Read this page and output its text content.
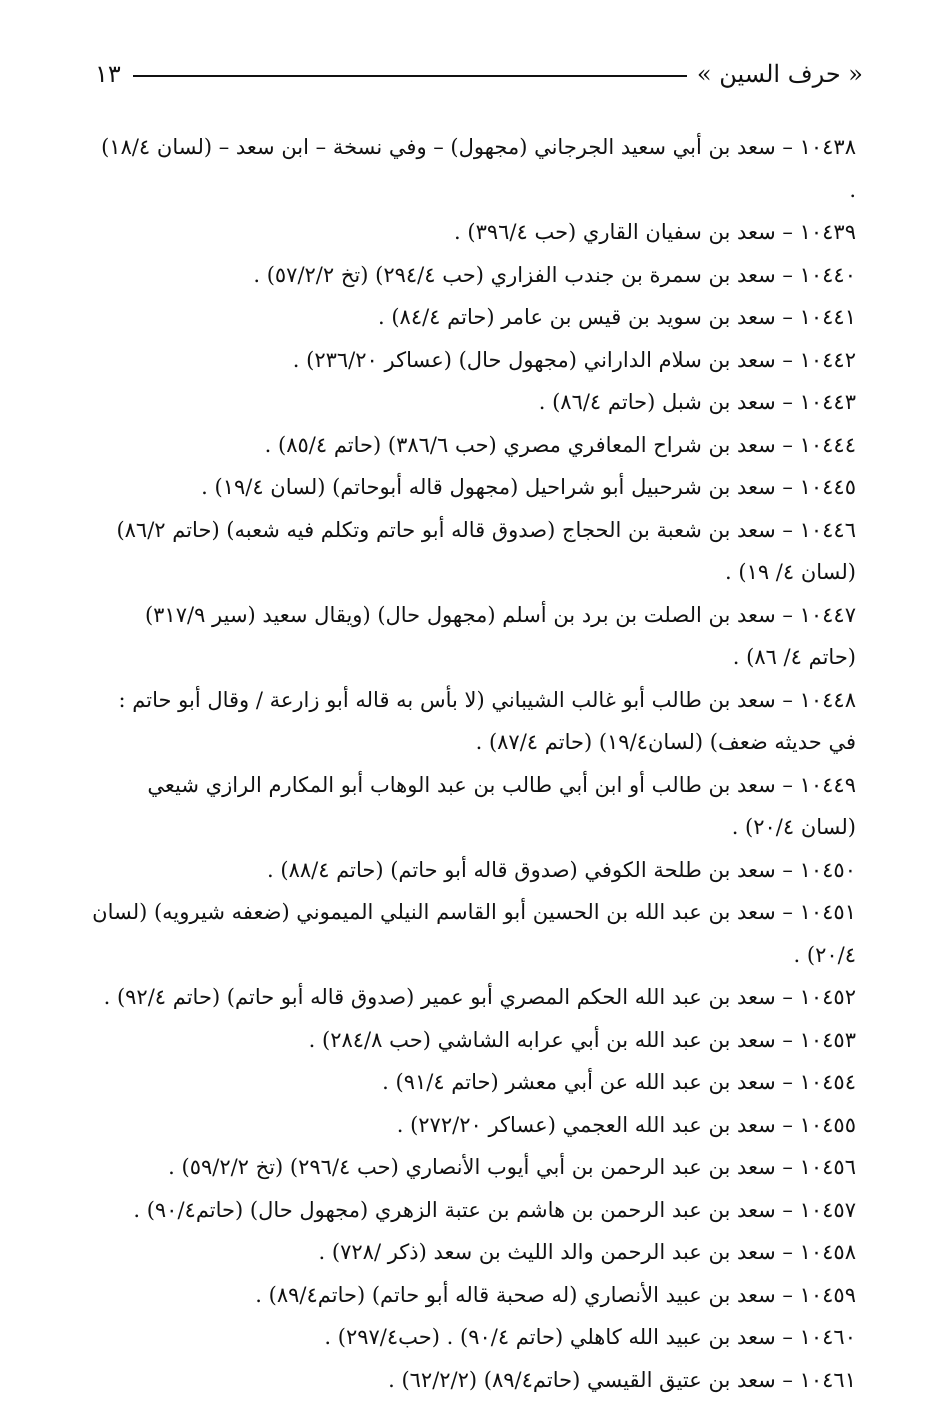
« حرف السين »
١٣

١٠٤٣٨ – سعد بن أبي سعيد الجرجاني (مجهول) – وفي نسخة – ابن سعد – (لسان ١٨/٤) .

١٠٤٣٩ – سعد بن سفيان القاري (حب ٣٩٦/٤) .

١٠٤٤٠ – سعد بن سمرة بن جندب الفزاري (حب ٢٩٤/٤) (تخ ٥٧/٢/٢) .

١٠٤٤١ – سعد بن سويد بن قيس بن عامر (حاتم ٨٤/٤) .

١٠٤٤٢ – سعد بن سلام الداراني (مجهول حال) (عساكر ٢٣٦/٢٠) .

١٠٤٤٣ – سعد بن شبل (حاتم ٨٦/٤) .

١٠٤٤٤ – سعد بن شراح المعافري مصري (حب ٣٨٦/٦) (حاتم ٨٥/٤) .

١٠٤٤٥ – سعد بن شرحبيل أبو شراحيل (مجهول قاله أبوحاتم) (لسان ١٩/٤) .

١٠٤٤٦ – سعد بن شعبة بن الحجاج (صدوق قاله أبو حاتم وتكلم فيه شعبه) (حاتم ٨٦/٢) (لسان ٤/ ١٩) .

١٠٤٤٧ – سعد بن الصلت بن برد بن أسلم (مجهول حال) (ويقال سعيد (سير ٣١٧/٩) (حاتم ٤/ ٨٦) .

١٠٤٤٨ – سعد بن طالب أبو غالب الشيباني (لا بأس به قاله أبو زارعة / وقال أبو حاتم : في حديثه ضعف) (لسان١٩/٤) (حاتم ٨٧/٤) .

١٠٤٤٩ – سعد بن طالب أو ابن أبي طالب بن عبد الوهاب أبو المكارم الرازي شيعي (لسان ٢٠/٤) .

١٠٤٥٠ – سعد بن طلحة الكوفي (صدوق قاله أبو حاتم) (حاتم ٨٨/٤) .

١٠٤٥١ – سعد بن عبد الله بن الحسين أبو القاسم النيلي الميموني (ضعفه شيرويه) (لسان ٢٠/٤) .

١٠٤٥٢ – سعد بن عبد الله الحكم المصري أبو عمير (صدوق قاله أبو حاتم) (حاتم ٩٢/٤) .

١٠٤٥٣ – سعد بن عبد الله بن أبي عرابه الشاشي (حب ٢٨٤/٨) .

١٠٤٥٤ – سعد بن عبد الله عن أبي معشر (حاتم ٩١/٤) .

١٠٤٥٥ – سعد بن عبد الله العجمي (عساكر ٢٧٢/٢٠) .

١٠٤٥٦ – سعد بن عبد الرحمن بن أبي أيوب الأنصاري (حب ٢٩٦/٤) (تخ ٥٩/٢/٢) .

١٠٤٥٧ – سعد بن عبد الرحمن بن هاشم بن عتبة الزهري (مجهول حال) (حاتم٩٠/٤) .

١٠٤٥٨ – سعد بن عبد الرحمن والد الليث بن سعد (ذكر /٧٢٨) .

١٠٤٥٩ – سعد بن عبيد الأنصاري (له صحبة قاله أبو حاتم) (حاتم٨٩/٤) .

١٠٤٦٠ – سعد بن عبيد الله كاهلي (حاتم ٩٠/٤) . (حب٢٩٧/٤) .

١٠٤٦١ – سعد بن عتيق القيسي (حاتم٨٩/٤) (٦٢/٢/٢) .
